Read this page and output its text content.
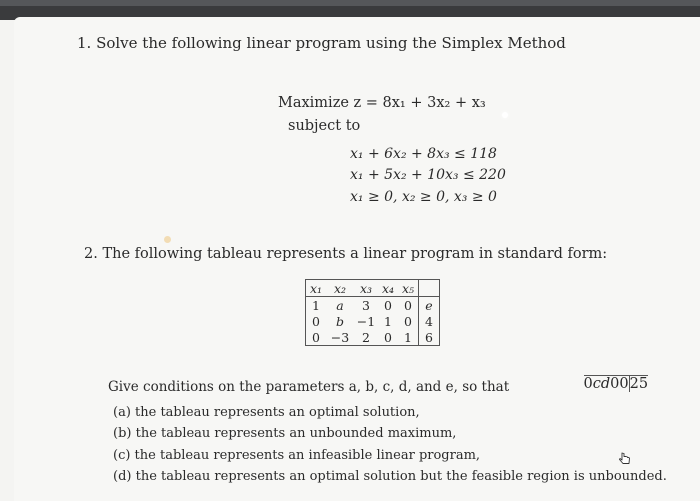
1. Solve the following linear program using the Simplex Method
Maximize z = 8x₁ + 3x₂ + x₃
subject to
x₁ + 6x₂ + 8x₃ ≤ 118
x₁ + 5x₂ + 10x₃ ≤ 220
x₁ ≥ 0, x₂ ≥ 0, x₃ ≥ 0
2. The following tableau represents a linear program in standard form:
x₁	x₂	x₃	x₄	x₅	
1	a	3	0	0	e
0	b	−1	1	0	4
0	−3	2	0	1	6

0	c	d	0	0	25
Give conditions on the parameters a, b, c, d, and e, so that
(a) the tableau represents an optimal solution,
(b) the tableau represents an unbounded maximum,
(c) the tableau represents an infeasible linear program,
(d) the tableau represents an optimal solution but the feasible region is unbounded.
